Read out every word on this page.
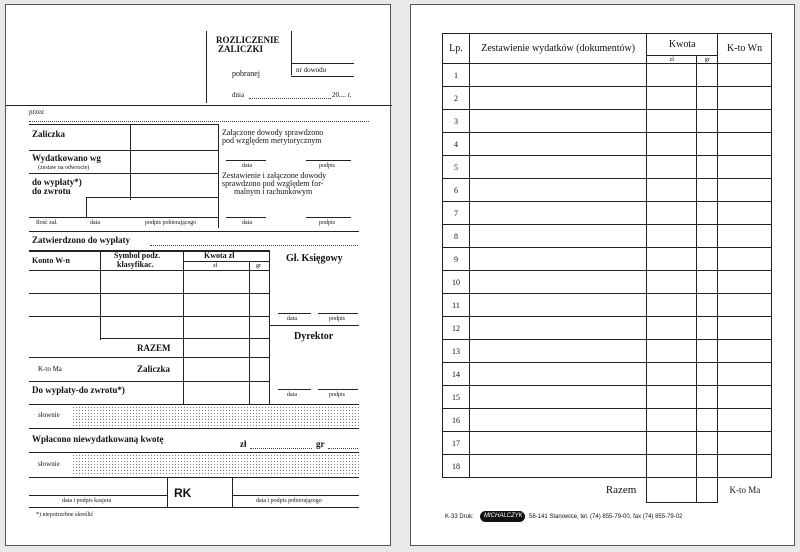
ROZLICZENIE
ZALICZKI
pobranej	nr dowodu
dnia	20.... r.
przez
Zaliczka
Wydatkowano wg
(zestaw na odwrocie)
do wypłaty*)
do zwrotu
Ilość zał.	data	podpis pobierającego
Załączone dowody sprawdzono
pod względem merytorycznym
data	podpis
Zestawienie i załączone dowody
sprawdzono pod względem for-
malnym i rachunkowym
data	podpis
Zatwierdzono do wypłaty
Konto W-n
Symbol podz.
klasyfikac.
Kwota zł
zł	gr
RAZEM
K-to Ma	Zaliczka
Do wypłaty-do zwrotu*)
Gł. Księgowy
data	podpis
Dyrektor
data	podpis
słownie
Wpłacono niewydatkowaną kwotę	zł	gr
słownie
RK
data i podpis kasjera	data i podpis pobierającego
*) niepotrzebne skreślić
Lp.	Zestawienie wydatków (dokumentów)	Kwota		K-to Wn
		zł	gr	
1				
2				
3				
4				
5				
6				
7				
8				
9				
10				
11				
12				
13				
14				
15				
16				
17				
18				
Razem				K-to Ma
K-33 Druk: MICHALCZYK 58-141 Stanowice, tel. (74) 855-79-00, fax (74) 855-79-02
